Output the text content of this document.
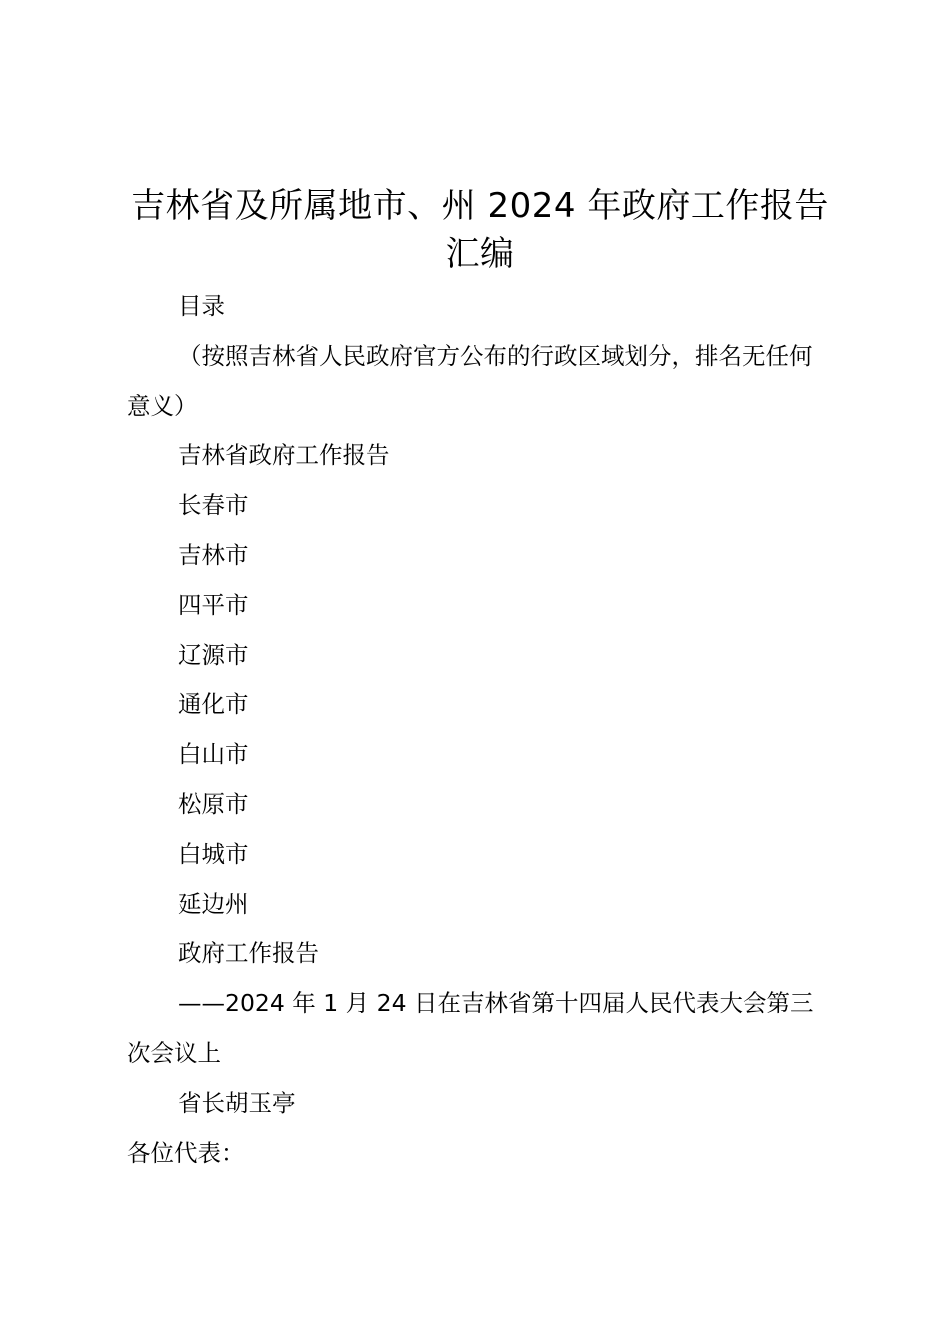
吉林省及所属地市、州 2024 年政府工作报告汇编

目录

（按照吉林省人民政府官方公布的行政区域划分，排名无任何意义）

吉林省政府工作报告

长春市

吉林市

四平市

辽源市

通化市

白山市

松原市

白城市

延边州

政府工作报告

——2024 年 1 月 24 日在吉林省第十四届人民代表大会第三次会议上

省长胡玉亭

各位代表：
